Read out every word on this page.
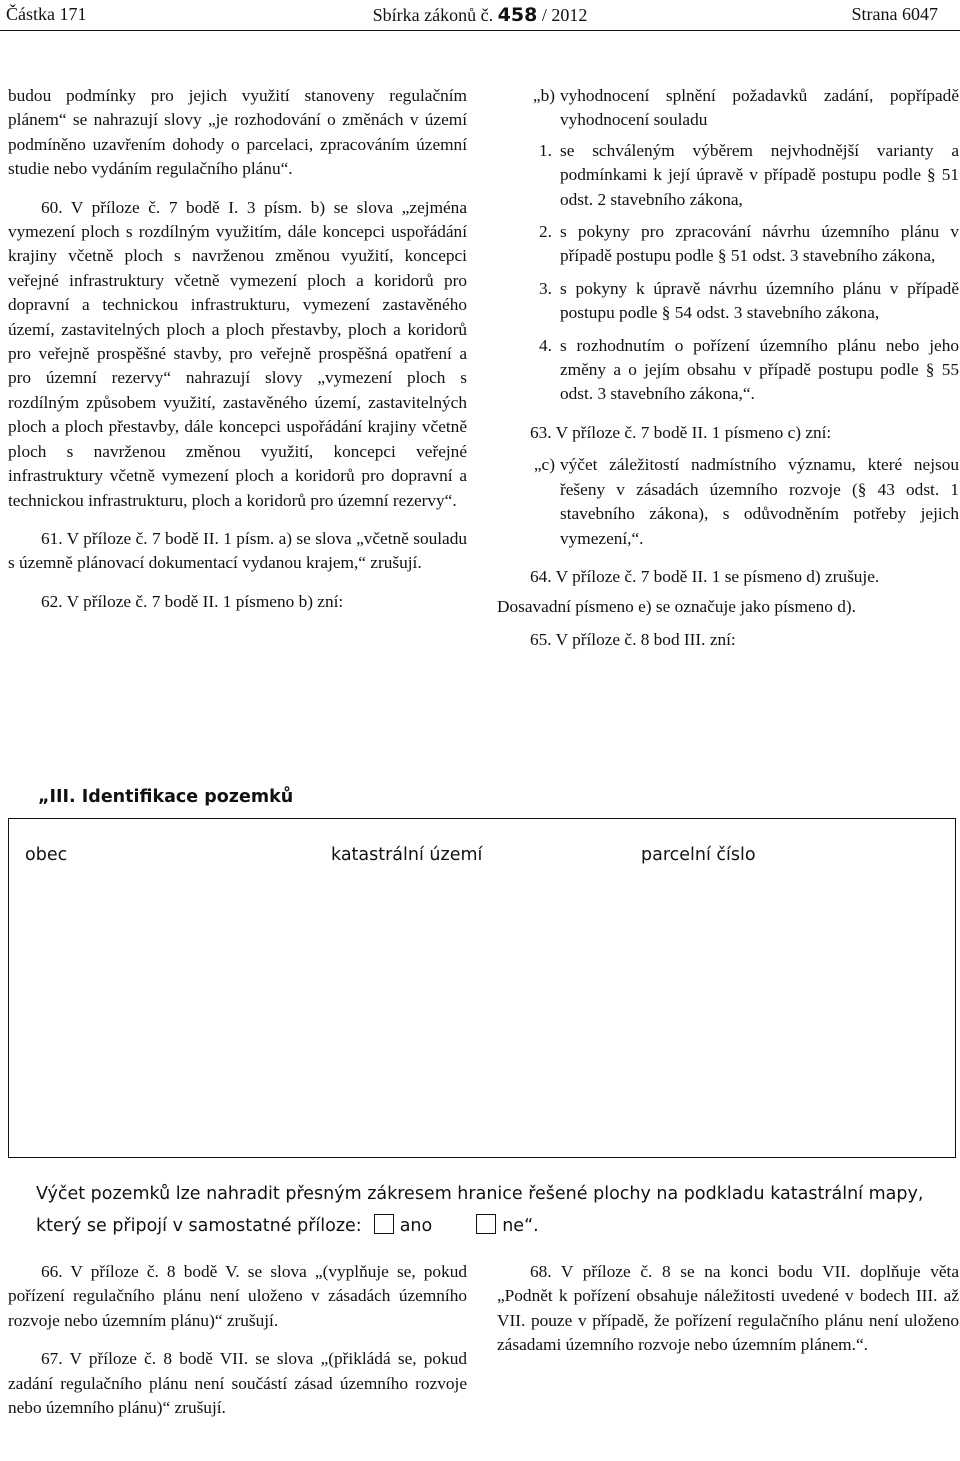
Částka 171	Sbírka zákonů č. 458 / 2012	Strana 6047

budou podmínky pro jejich využití stanoveny regulačním plánem“ se nahrazují slovy „je rozhodování o změnách v území podmíněno uzavřením dohody o parcelaci, zpracováním územní studie nebo vydáním regulačního plánu“.

60. V příloze č. 7 bodě I. 3 písm. b) se slova „zejména vymezení ploch s rozdílným využitím, dále koncepci uspořádání krajiny včetně ploch s navrženou změnou využití, koncepci veřejné infrastruktury včetně vymezení ploch a koridorů pro dopravní a technickou infrastrukturu, vymezení zastavěného území, zastavitelných ploch a ploch přestavby, ploch a koridorů pro veřejně prospěšné stavby, pro veřejně prospěšná opatření a pro územní rezervy“ nahrazují slovy „vymezení ploch s rozdílným způsobem využití, zastavěného území, zastavitelných ploch a ploch přestavby, dále koncepci uspořádání krajiny včetně ploch s navrženou změnou využití, koncepci veřejné infrastruktury včetně vymezení ploch a koridorů pro dopravní a technickou infrastrukturu, ploch a koridorů pro územní rezervy“.

61. V příloze č. 7 bodě II. 1 písm. a) se slova „včetně souladu s územně plánovací dokumentací vydanou krajem,“ zrušují.

62. V příloze č. 7 bodě II. 1 písmeno b) zní:

„b) vyhodnocení splnění požadavků zadání, popřípadě vyhodnocení souladu

1. se schváleným výběrem nejvhodnější varianty a podmínkami k její úpravě v případě postupu podle § 51 odst. 2 stavebního zákona,

2. s pokyny pro zpracování návrhu územního plánu v případě postupu podle § 51 odst. 3 stavebního zákona,

3. s pokyny k úpravě návrhu územního plánu v případě postupu podle § 54 odst. 3 stavebního zákona,

4. s rozhodnutím o pořízení územního plánu nebo jeho změny a o jejím obsahu v případě postupu podle § 55 odst. 3 stavebního zákona,“.

63. V příloze č. 7 bodě II. 1 písmeno c) zní:

„c) výčet záležitostí nadmístního významu, které nejsou řešeny v zásadách územního rozvoje (§ 43 odst. 1 stavebního zákona), s odůvodněním potřeby jejich vymezení,“.

64. V příloze č. 7 bodě II. 1 se písmeno d) zrušuje.

Dosavadní písmeno e) se označuje jako písmeno d).

65. V příloze č. 8 bod III. zní:

„III. Identifikace pozemků
obec	katastrální území	parcelní číslo
Výčet pozemků lze nahradit přesným zákresem hranice řešené plochy na podkladu katastrální mapy,
který se připojí v samostatné příloze: ano	ne“.

66. V příloze č. 8 bodě V. se slova „(vyplňuje se, pokud pořízení regulačního plánu není uloženo v zásadách územního rozvoje nebo územním plánu)“ zrušují.

67. V příloze č. 8 bodě VII. se slova „(přikládá se, pokud zadání regulačního plánu není součástí zásad územního rozvoje nebo územního plánu)“ zrušují.

68. V příloze č. 8 se na konci bodu VII. doplňuje věta „Podnět k pořízení obsahuje náležitosti uvedené v bodech III. až VII. pouze v případě, že pořízení regulačního plánu není uloženo zásadami územního rozvoje nebo územním plánem.“.
